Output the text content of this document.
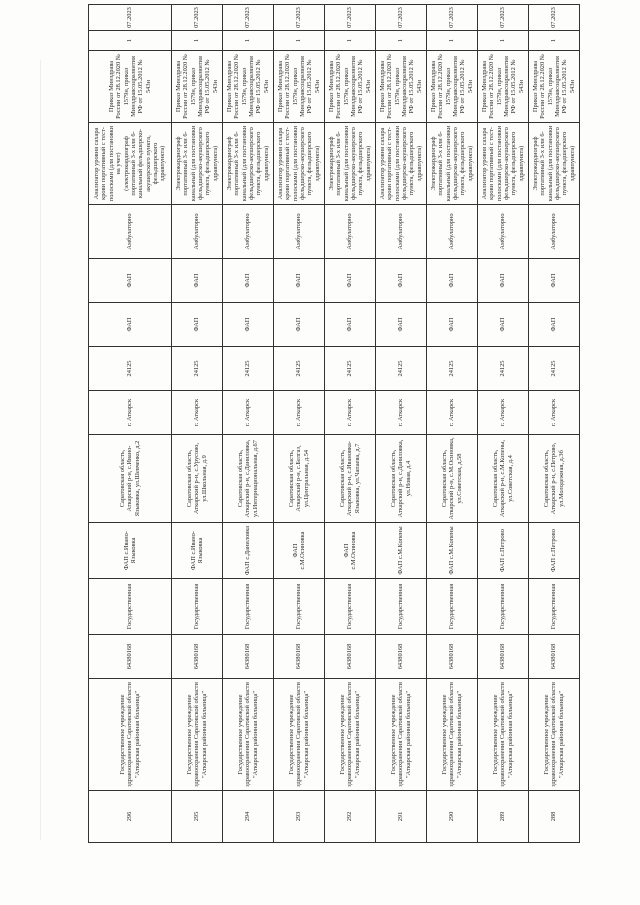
296	Государственное учреждение здравоохранения Саратовской области "Аткарская районная больница"	64380168	Государственная	ФАП с.Ивано-Языковка	Саратовская область, Аткарский р-н, с.Ивано-Языковка, ул.Шевченко, д.2	г. Аткарск	24125	ФАП	ФАП	Амбулаторно	Анализатор уровня сахара крови портативный с тест-полосками (для постановки на учет) (электрокардиограф портативный 3-х или 6-канальный фельдшерско-акушерского пункта, фельдшерского здравпункта)	Приказ Минздрава России от 28.12.2020 № 1579н, приказ Минздравсоцразвития РФ от 15.05.2012 № 543н	1	07.2023
295	Государственное учреждение здравоохранения Саратовской области "Аткарская районная больница"	64380168	Государственная	ФАП с.Ивано-Языковка	Саратовская область, Аткарский р-н, с.Урусово, ул.Школьная, д.9	г. Аткарск	24125	ФАП	ФАП	Амбулаторно	Электрокардиограф портативный 3-х или 6-канальный (для постановки фельдшерско-акушерского пункта, фельдшерского здравпункта)	Приказ Минздрава России от 28.12.2020 № 1579н, приказ Минздравсоцразвития РФ от 15.05.2012 № 543н	1	07.2023
294	Государственное учреждение здравоохранения Саратовской области "Аткарская районная больница"	64380168	Государственная	ФАП с.Даниловка	Саратовская область, Аткарский р-н, с.Даниловка, ул.Интернациональная, д.67	г. Аткарск	24125	ФАП	ФАП	Амбулаторно	Электрокардиограф портативный 3-х или 6-канальный (для постановки фельдшерско-акушерского пункта, фельдшерского здравпункта)	Приказ Минздрава России от 28.12.2020 № 1579н, приказ Минздравсоцразвития РФ от 15.05.2012 № 543н	1	07.2023
293	Государственное учреждение здравоохранения Саратовской области "Аткарская районная больница"	64380168	Государственная	ФАП с.М.Осиновка	Саратовская область, Аткарский р-н, с.Белгаз, ул.Центральная, д.54	г. Аткарск	24125	ФАП	ФАП	Амбулаторно	Анализатор уровня сахара крови портативный с тест-полосками (для постановки фельдшерско-акушерского пункта, фельдшерского здравпункта)	Приказ Минздрава России от 28.12.2020 № 1579н, приказ Минздравсоцразвития РФ от 15.05.2012 № 543н	1	07.2023
292	Государственное учреждение здравоохранения Саратовской области "Аткарская районная больница"	64380168	Государственная	ФАП с.М.Осиновка	Саратовская область, Аткарский р-н, с.Ивановка-Языковка, ул.Чапаева, д.7	г. Аткарск	24125	ФАП	ФАП	Амбулаторно	Электрокардиограф портативный 3-х или 6-канальный (для постановки фельдшерско-акушерского пункта, фельдшерского здравпункта)	Приказ Минздрава России от 28.12.2020 № 1579н, приказ Минздравсоцразвития РФ от 15.05.2012 № 543н	1	07.2023
291	Государственное учреждение здравоохранения Саратовской области "Аткарская районная больница"	64380168	Государственная	ФАП с.М.Копены	Саратовская область, Аткарский р-н, с.Даниловка, ул.Новая, д.4	г. Аткарск	24125	ФАП	ФАП	Амбулаторно	Анализатор уровня сахара крови портативный с тест-полосками (для постановки фельдшерско-акушерского пункта, фельдшерского здравпункта)	Приказ Минздрава России от 28.12.2020 № 1579н, приказ Минздравсоцразвития РФ от 15.05.2012 № 543н	1	07.2023
290	Государственное учреждение здравоохранения Саратовской области "Аткарская районная больница"	64380168	Государственная	ФАП с.М.Копены	Саратовская область, Аткарский р-н, с.М.Осиновка, ул.Советская, д.58	г. Аткарск	24125	ФАП	ФАП	Амбулаторно	Электрокардиограф портативный 3-х или 6-канальный (для постановки фельдшерско-акушерского пункта, фельдшерского здравпункта)	Приказ Минздрава России от 28.12.2020 № 1579н, приказ Минздравсоцразвития РФ от 15.05.2012 № 543н	1	07.2023
289	Государственное учреждение здравоохранения Саратовской области "Аткарская районная больница"	64380168	Государственная	ФАП с.Петрово	Саратовская область, Аткарский р-н, с.М.Копены, ул.Советская, д.4	г. Аткарск	24125	ФАП	ФАП	Амбулаторно	Анализатор уровня сахара крови портативный с тест-полосками (для постановки фельдшерско-акушерского пункта, фельдшерского здравпункта)	Приказ Минздрава России от 28.12.2020 № 1579н, приказ Минздравсоцразвития РФ от 15.05.2012 № 543н	1	07.2023
288	Государственное учреждение здравоохранения Саратовской области "Аткарская районная больница"	64380168	Государственная	ФАП с.Петрово	Саратовская область, Аткарский р-н, с.Петрово, ул.Молодежная, д.3б	г. Аткарск	24125	ФАП	ФАП	Амбулаторно	Электрокардиограф портативный 3-х или 6-канальный (для постановки фельдшерско-акушерского пункта, фельдшерского здравпункта)	Приказ Минздрава России от 28.12.2020 № 1579н, приказ Минздравсоцразвития РФ от 15.05.2012 № 543н	1	07.2023
